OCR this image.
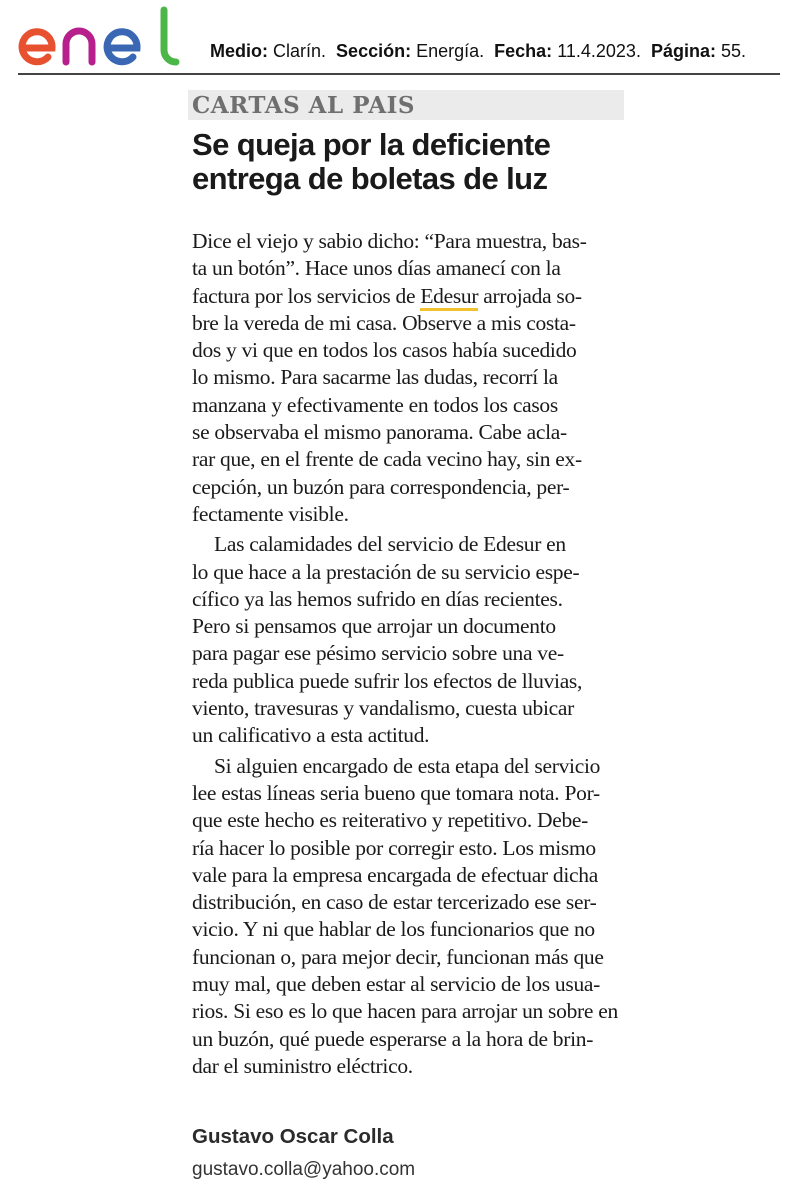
Medio: Clarín. Sección: Energía. Fecha: 11.4.2023. Página: 55.
CARTAS AL PAIS
Se queja por la deficiente
entrega de boletas de luz

Dice el viejo y sabio dicho: “Para muestra, bas-
ta un botón”. Hace unos días amanecí con la
factura por los servicios de Edesur arrojada so-
bre la vereda de mi casa. Observe a mis costa-
dos y vi que en todos los casos había sucedido
lo mismo. Para sacarme las dudas, recorrí la
manzana y efectivamente en todos los casos
se observaba el mismo panorama. Cabe acla-
rar que, en el frente de cada vecino hay, sin ex-
cepción, un buzón para correspondencia, per-
fectamente visible.

Las calamidades del servicio de Edesur en
lo que hace a la prestación de su servicio espe-
cífico ya las hemos sufrido en días recientes.
Pero si pensamos que arrojar un documento
para pagar ese pésimo servicio sobre una ve-
reda publica puede sufrir los efectos de lluvias,
viento, travesuras y vandalismo, cuesta ubicar
un calificativo a esta actitud.

Si alguien encargado de esta etapa del servicio
lee estas líneas seria bueno que tomara nota. Por-
que este hecho es reiterativo y repetitivo. Debe-
ría hacer lo posible por corregir esto. Los mismo
vale para la empresa encargada de efectuar dicha
distribución, en caso de estar tercerizado ese ser-
vicio. Y ni que hablar de los funcionarios que no
funcionan o, para mejor decir, funcionan más que
muy mal, que deben estar al servicio de los usua-
rios. Si eso es lo que hacen para arrojar un sobre en
un buzón, qué puede esperarse a la hora de brin-
dar el suministro eléctrico.

Gustavo Oscar Colla

gustavo.colla@yahoo.com
